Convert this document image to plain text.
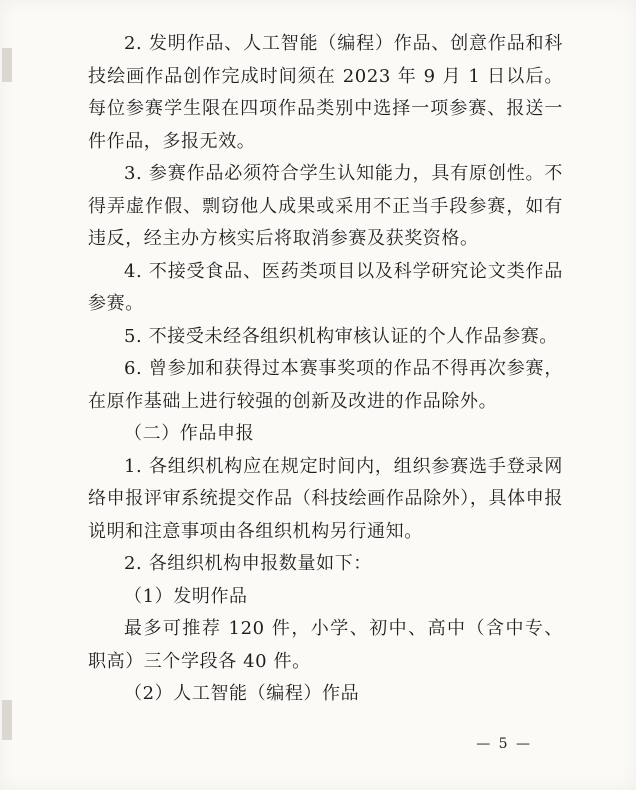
2. 发明作品、人工智能（编程）作品、创意作品和科技绘画作品创作完成时间须在 2023 年 9 月 1 日以后。每位参赛学生限在四项作品类别中选择一项参赛、报送一件作品，多报无效。

3. 参赛作品必须符合学生认知能力，具有原创性。不得弄虚作假、剽窃他人成果或采用不正当手段参赛，如有违反，经主办方核实后将取消参赛及获奖资格。

4. 不接受食品、医药类项目以及科学研究论文类作品参赛。

5. 不接受未经各组织机构审核认证的个人作品参赛。

6. 曾参加和获得过本赛事奖项的作品不得再次参赛，在原作基础上进行较强的创新及改进的作品除外。

（二）作品申报

1. 各组织机构应在规定时间内，组织参赛选手登录网络申报评审系统提交作品（科技绘画作品除外），具体申报说明和注意事项由各组织机构另行通知。

2. 各组织机构申报数量如下：

（1）发明作品

最多可推荐 120 件，小学、初中、高中（含中专、职高）三个学段各 40 件。

（2）人工智能（编程）作品

— 5 —
